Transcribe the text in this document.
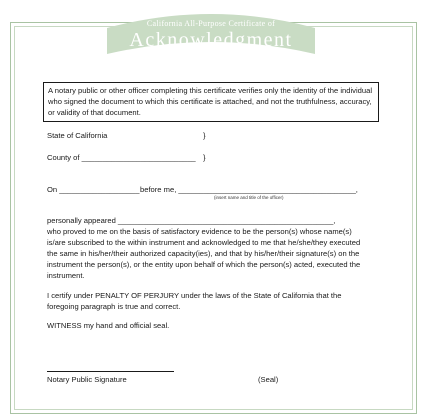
California All-Purpose Certificate of
Acknowledgment
A notary public or other officer completing this certificate verifies only the identity of the individual who signed the document to which this certificate is attached, and not the truthfulness, accuracy, or validity of that document.
State of California	}
County of ___________________________ }
On ___________________ before me, __________________________________________,
(insert name and title of the officer)
personally appeared ___________________________________________________,
who proved to me on the basis of satisfactory evidence to be the person(s) whose name(s) is/are subscribed to the within instrument and acknowledged to me that he/she/they executed the same in his/her/their authorized capacity(ies), and that by his/her/their signature(s) on the instrument the person(s), or the entity upon behalf of which the person(s) acted, executed the instrument.
I certify under PENALTY OF PERJURY under the laws of the State of California that the foregoing paragraph is true and correct.
WITNESS my hand and official seal.
Notary Public Signature	(Seal)
